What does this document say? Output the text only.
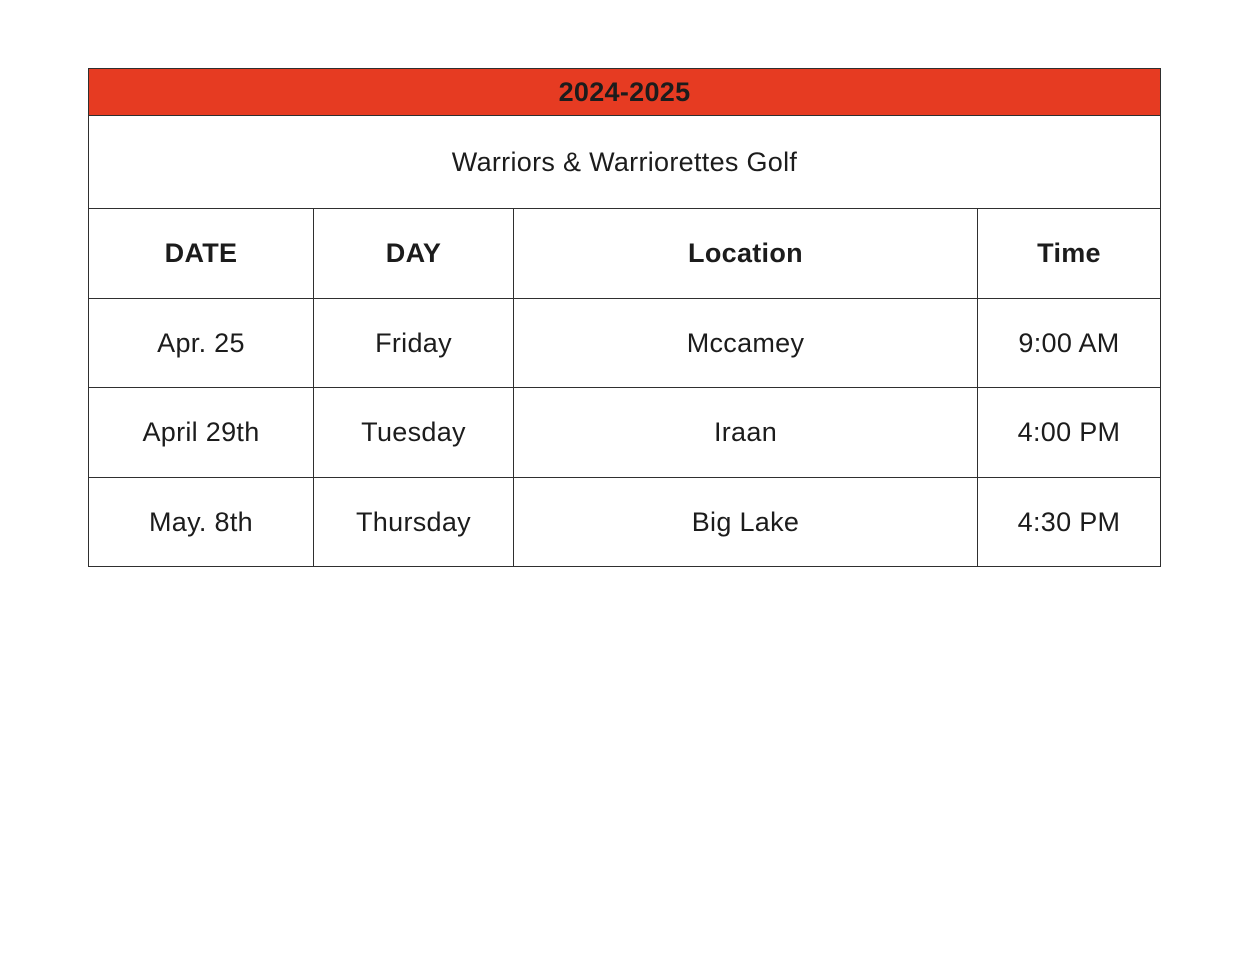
2024-2025			
Warriors & Warriorettes Golf			
DATE	DAY	Location	Time
Apr. 25	Friday	Mccamey	9:00 AM
April 29th	Tuesday	Iraan	4:00 PM
May. 8th	Thursday	Big Lake	4:30 PM
